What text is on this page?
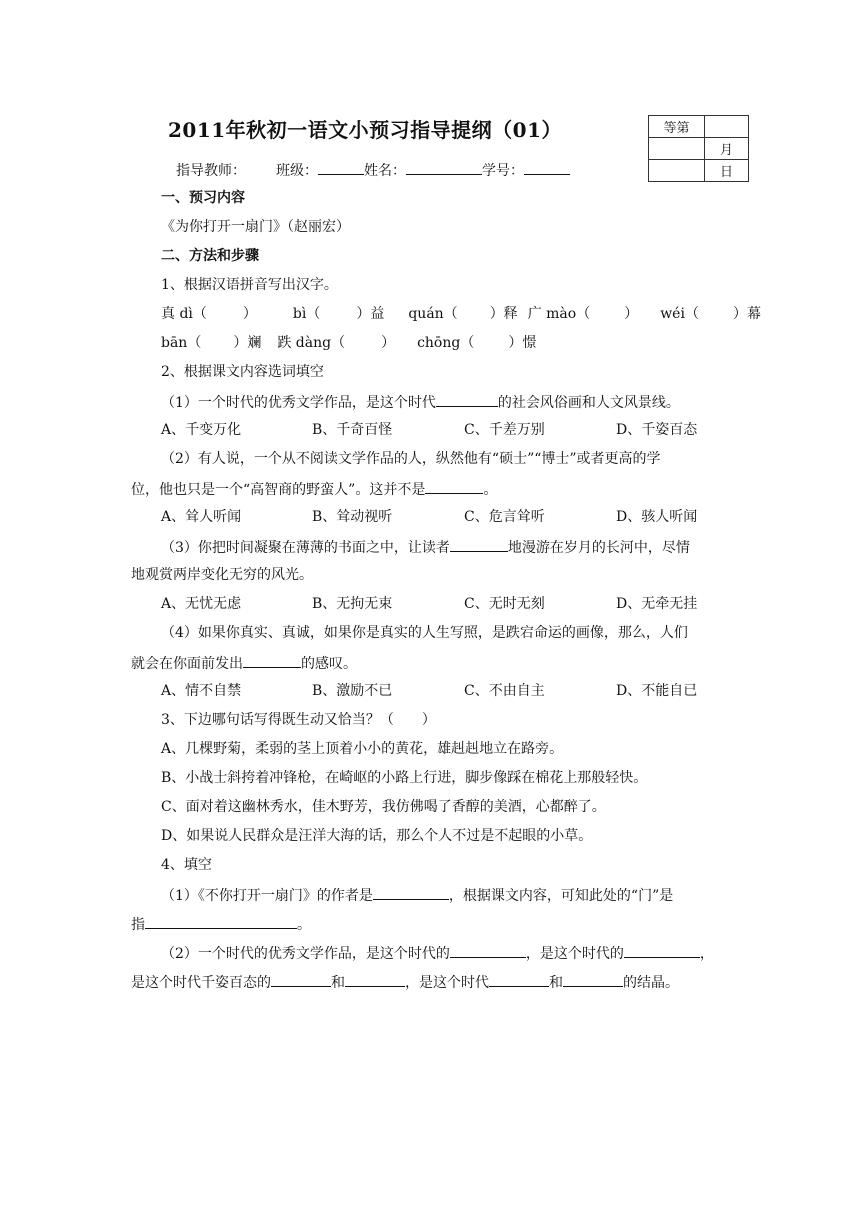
2011年秋初一语文小预习指导提纲（01）	等第	
	月
	日
指导教师： 班级：	姓名：	学号：
一、预习内容
《为你打开一扇门》（赵丽宏）
二、方法和步骤
1、根据汉语拼音写出汉字。
真 dì（	）	bì（	）益 quán（ ）释 广 mào（ ） wéi（ ）幕
bān（ ）斓 跌 dàng（	） chōng（ ）憬
2、根据课文内容选词填空
（1）一个时代的优秀文学作品，是这个时代	的社会风俗画和人文风景线。
A、千变万化	B、千奇百怪	C、千差万别	D、千姿百态
（2）有人说，一个从不阅读文学作品的人，纵然他有“硕士”“博士”或者更高的学
位，他也只是一个“高智商的野蛮人”。这并不是	。
A、耸人听闻	B、耸动视听	C、危言耸听	D、骇人听闻
（3）你把时间凝聚在薄薄的书面之中，让读者	地漫游在岁月的长河中，尽情
地观赏两岸变化无穷的风光。
A、无忧无虑	B、无拘无束	C、无时无刻	D、无牵无挂
（4）如果你真实、真诚，如果你是真实的人生写照，是跌宕命运的画像，那么，人们
就会在你面前发出	的感叹。
A、情不自禁	B、激励不已	C、不由自主	D、不能自已
3、下边哪句话写得既生动又恰当？（　　）
A、几棵野菊，柔弱的茎上顶着小小的黄花，雄赳赳地立在路旁。
B、小战士斜挎着冲锋枪，在崎岖的小路上行进，脚步像踩在棉花上那般轻快。
C、面对着这幽林秀水，佳木野芳，我仿佛喝了香醇的美酒，心都醉了。
D、如果说人民群众是汪洋大海的话，那么个人不过是不起眼的小草。
4、填空
（1）《不你打开一扇门》的作者是	，根据课文内容，可知此处的“门”是
指	。
（2）一个时代的优秀文学作品，是这个时代的	，是这个时代的	，
是这个时代千姿百态的	和	，是这个时代	和	的结晶。
